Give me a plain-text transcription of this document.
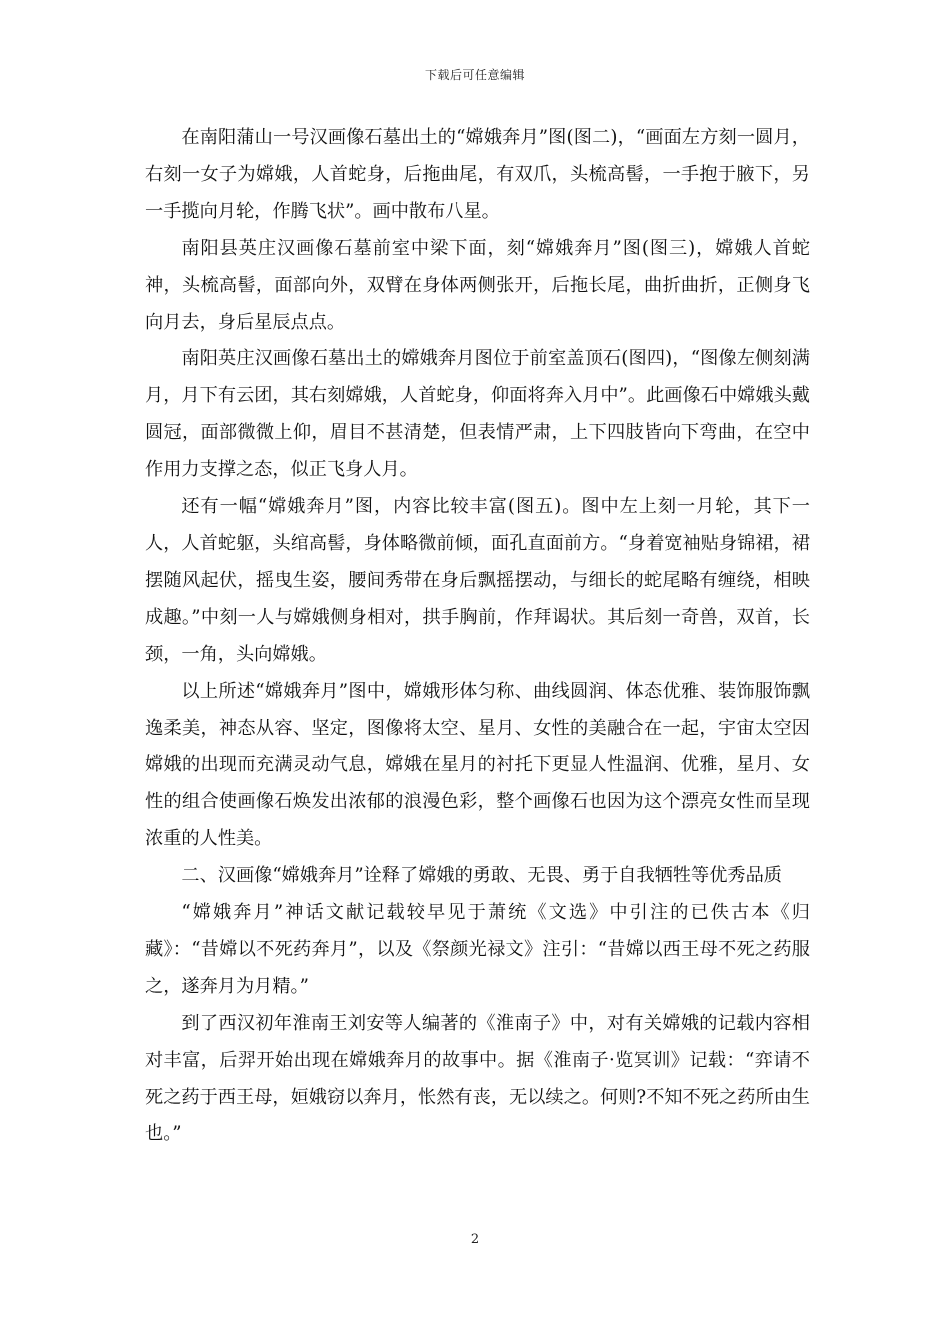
下载后可任意编辑

在南阳蒲山一号汉画像石墓出土的“嫦娥奔月”图(图二)，“画面左方刻一圆月，右刻一女子为嫦娥，人首蛇身，后拖曲尾，有双爪，头梳高髻，一手抱于腋下，另一手揽向月轮，作腾飞状”。画中散布八星。

南阳县英庄汉画像石墓前室中梁下面，刻“嫦娥奔月”图(图三)，嫦娥人首蛇神，头梳高髻，面部向外，双臂在身体两侧张开，后拖长尾，曲折曲折，正侧身飞向月去，身后星辰点点。

南阳英庄汉画像石墓出土的嫦娥奔月图位于前室盖顶石(图四)，“图像左侧刻满月，月下有云团，其右刻嫦娥，人首蛇身，仰面将奔入月中”。此画像石中嫦娥头戴圆冠，面部微微上仰，眉目不甚清楚，但表情严肃，上下四肢皆向下弯曲，在空中作用力支撑之态，似正飞身人月。

还有一幅“嫦娥奔月”图，内容比较丰富(图五)。图中左上刻一月轮，其下一人，人首蛇躯，头绾高髻，身体略微前倾，面孔直面前方。“身着宽袖贴身锦裙，裙摆随风起伏，摇曳生姿，腰间秀带在身后飘摇摆动，与细长的蛇尾略有缠绕，相映成趣。”中刻一人与嫦娥侧身相对，拱手胸前，作拜谒状。其后刻一奇兽，双首，长颈，一角，头向嫦娥。

以上所述“嫦娥奔月”图中，嫦娥形体匀称、曲线圆润、体态优雅、装饰服饰飘逸柔美，神态从容、坚定，图像将太空、星月、女性的美融合在一起，宇宙太空因嫦娥的出现而充满灵动气息，嫦娥在星月的衬托下更显人性温润、优雅，星月、女性的组合使画像石焕发出浓郁的浪漫色彩，整个画像石也因为这个漂亮女性而呈现浓重的人性美。

二、汉画像“嫦娥奔月”诠释了嫦娥的勇敢、无畏、勇于自我牺牲等优秀品质

“嫦娥奔月”神话文献记载较早见于萧统《文选》中引注的已佚古本《归藏》：“昔嫦以不死药奔月”，以及《祭颜光禄文》注引：“昔嫦以西王母不死之药服之，遂奔月为月精。”

到了西汉初年淮南王刘安等人编著的《淮南子》中，对有关嫦娥的记载内容相对丰富，后羿开始出现在嫦娥奔月的故事中。据《淮南子·览冥训》记载：“弈请不死之药于西王母，姮娥窃以奔月，怅然有丧，无以续之。何则?不知不死之药所由生也。”

2
